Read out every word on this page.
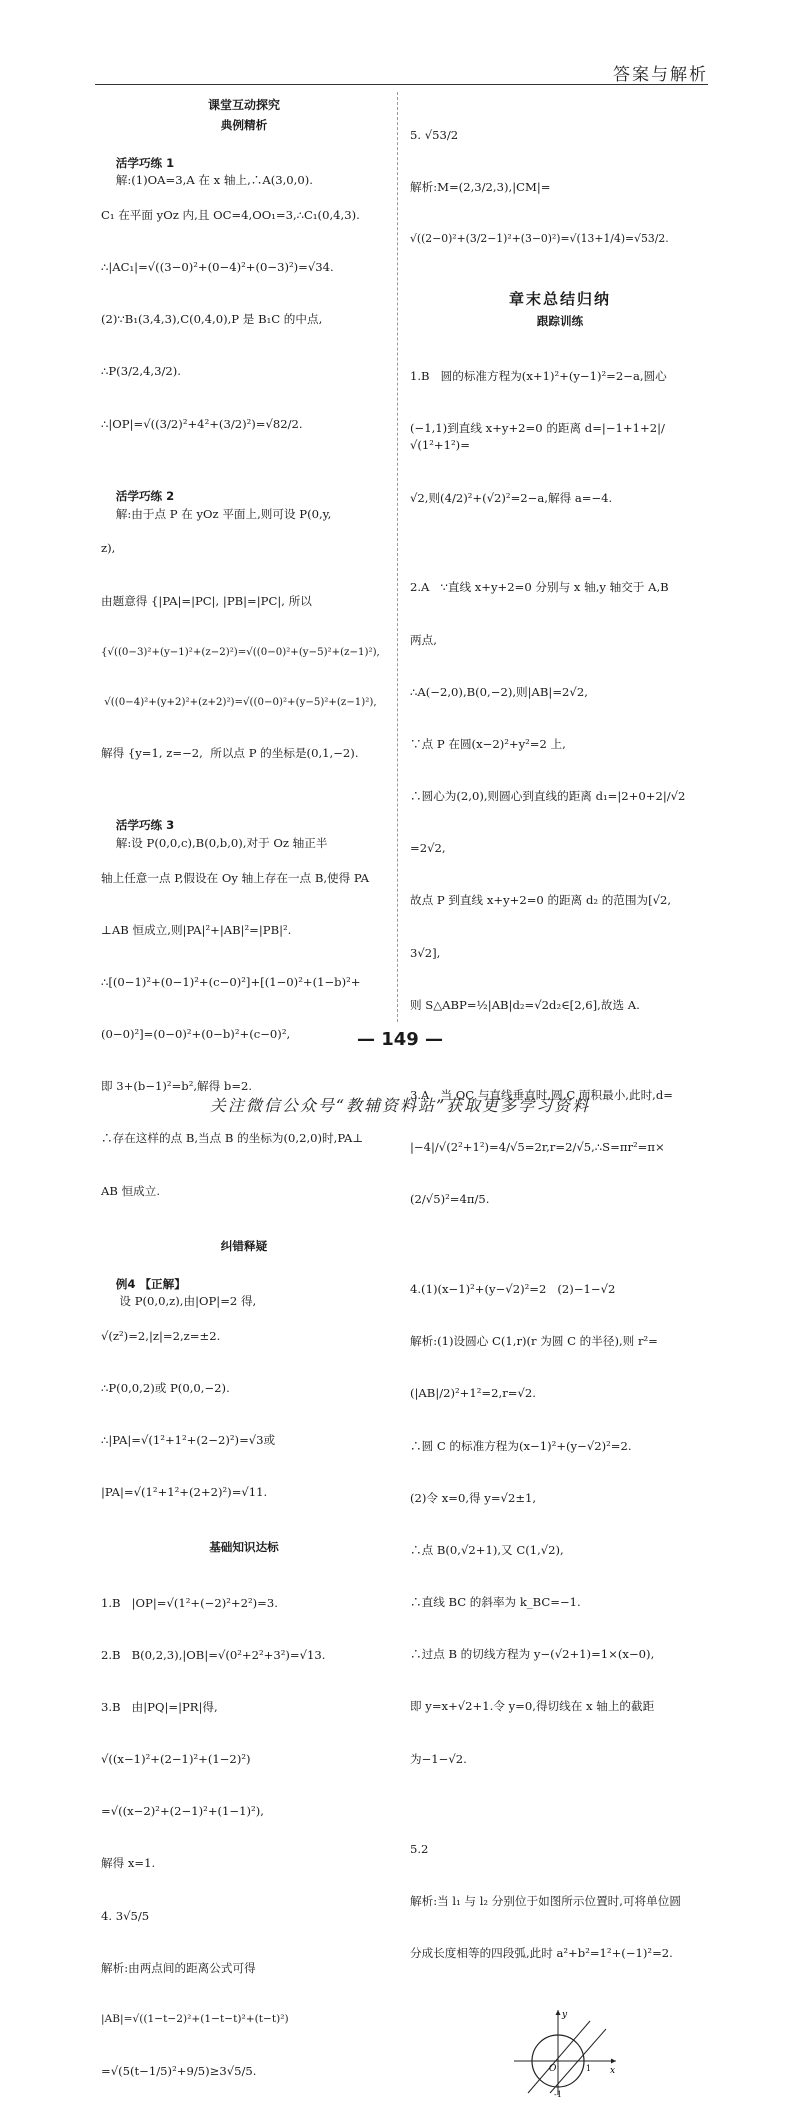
答案与解析
课堂互动探究
典例精析

活学巧练 1
解:(1)OA=3,A 在 x 轴上,∴A(3,0,0).

C₁ 在平面 yOz 内,且 OC=4,OO₁=3,∴C₁(0,4,3).

∴|AC₁|=√((3−0)²+(0−4)²+(0−3)²)=√34.

(2)∵B₁(3,4,3),C(0,4,0),P 是 B₁C 的中点,

∴P(3/2,4,3/2).

∴|OP|=√((3/2)²+4²+(3/2)²)=√82/2.

活学巧练 2
解:由于点 P 在 yOz 平面上,则可设 P(0,y,

z),

由题意得 {|PA|=|PC|, |PB|=|PC|, 所以

{√((0−3)²+(y−1)²+(z−2)²)=√((0−0)²+(y−5)²+(z−1)²),

√((0−4)²+(y+2)²+(z+2)²)=√((0−0)²+(y−5)²+(z−1)²),

解得 {y=1, z=−2,  所以点 P 的坐标是(0,1,−2).

活学巧练 3
解:设 P(0,0,c),B(0,b,0),对于 Oz 轴正半

轴上任意一点 P,假设在 Oy 轴上存在一点 B,使得 PA

⊥AB 恒成立,则|PA|²+|AB|²=|PB|².

∴[(0−1)²+(0−1)²+(c−0)²]+[(1−0)²+(1−b)²+

(0−0)²]=(0−0)²+(0−b)²+(c−0)²,

即 3+(b−1)²=b²,解得 b=2.

∴存在这样的点 B,当点 B 的坐标为(0,2,0)时,PA⊥

AB 恒成立.

纠错释疑

例4 【正解】
设 P(0,0,z),由|OP|=2 得,

√(z²)=2,|z|=2,z=±2.

∴P(0,0,2)或 P(0,0,−2).

∴|PA|=√(1²+1²+(2−2)²)=√3或

|PA|=√(1²+1²+(2+2)²)=√11.

基础知识达标

1.B   |OP|=√(1²+(−2)²+2²)=3.

2.B   B(0,2,3),|OB|=√(0²+2²+3²)=√13.

3.B   由|PQ|=|PR|得,

√((x−1)²+(2−1)²+(1−2)²)

=√((x−2)²+(2−1)²+(1−1)²),

解得 x=1.

4. 3√5/5

解析:由两点间的距离公式可得

|AB|=√((1−t−2)²+(1−t−t)²+(t−t)²)

=√(5(t−1/5)²+9/5)≥3√5/5.

5. √53/2

解析:M=(2,3/2,3),|CM|=

√((2−0)²+(3/2−1)²+(3−0)²)=√(13+1/4)=√53/2.

章末总结归纳
跟踪训练

1.B   圆的标准方程为(x+1)²+(y−1)²=2−a,圆心

(−1,1)到直线 x+y+2=0 的距离 d=|−1+1+2|/√(1²+1²)=

√2,则(4/2)²+(√2)²=2−a,解得 a=−4.

2.A   ∵直线 x+y+2=0 分别与 x 轴,y 轴交于 A,B

两点,

∴A(−2,0),B(0,−2),则|AB|=2√2,

∵点 P 在圆(x−2)²+y²=2 上,

∴圆心为(2,0),则圆心到直线的距离 d₁=|2+0+2|/√2

=2√2,

故点 P 到直线 x+y+2=0 的距离 d₂ 的范围为[√2,

3√2],

则 S△ABP=½|AB|d₂=√2d₂∈[2,6],故选 A.

3.A   当 OC 与直线垂直时,圆 C 面积最小,此时,d=

|−4|/√(2²+1²)=4/√5=2r,r=2/√5,∴S=πr²=π×

(2/√5)²=4π/5.

4.(1)(x−1)²+(y−√2)²=2   (2)−1−√2

解析:(1)设圆心 C(1,r)(r 为圆 C 的半径),则 r²=

(|AB|/2)²+1²=2,r=√2.

∴圆 C 的标准方程为(x−1)²+(y−√2)²=2.

(2)令 x=0,得 y=√2±1,

∴点 B(0,√2+1),又 C(1,√2),

∴直线 BC 的斜率为 k_BC=−1.

∴过点 B 的切线方程为 y−(√2+1)=1×(x−0),

即 y=x+√2+1.令 y=0,得切线在 x 轴上的截距

为−1−√2.

5.2

解析:当 l₁ 与 l₂ 分别位于如图所示位置时,可将单位圆

分成长度相等的四段弧,此时 a²+b²=1²+(−1)²=2.

y
x
O	1
-1
— 149 —
关注微信公众号“教辅资料站”获取更多学习资料
